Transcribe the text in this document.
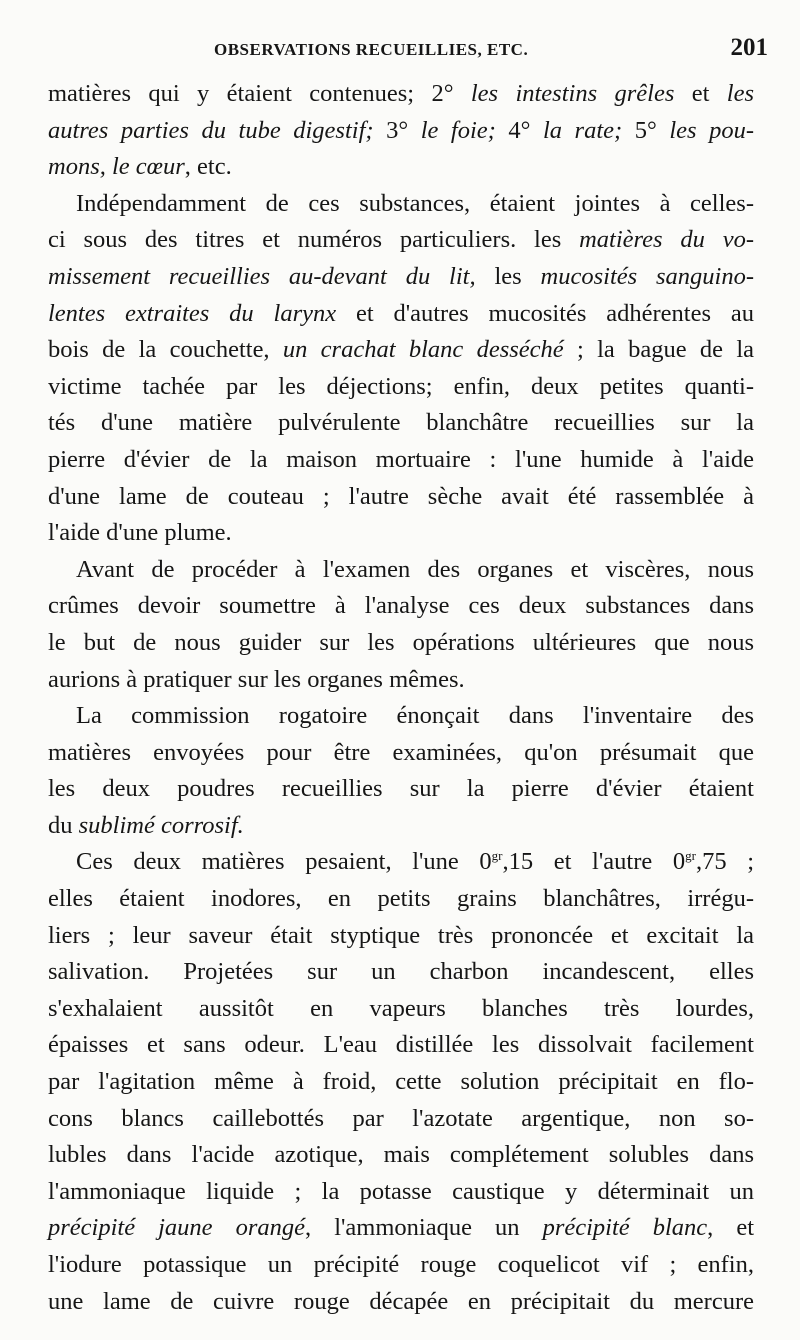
OBSERVATIONS RECUEILLIES, ETC.	201
matières qui y étaient contenues; 2° les intestins grêles et les
autres parties du tube digestif; 3° le foie; 4° la rate; 5° les pou-
mons, le cœur, etc.
Indépendamment de ces substances, étaient jointes à celles-
ci sous des titres et numéros particuliers. les matières du vo-
missement recueillies au-devant du lit, les mucosités sanguino-
lentes extraites du larynx et d'autres mucosités adhérentes au
bois de la couchette, un crachat blanc desséché ; la bague de la
victime tachée par les déjections; enfin, deux petites quanti-
tés d'une matière pulvérulente blanchâtre recueillies sur la
pierre d'évier de la maison mortuaire : l'une humide à l'aide
d'une lame de couteau ; l'autre sèche avait été rassemblée à
l'aide d'une plume.
Avant de procéder à l'examen des organes et viscères, nous
crûmes devoir soumettre à l'analyse ces deux substances dans
le but de nous guider sur les opérations ultérieures que nous
aurions à pratiquer sur les organes mêmes.
La commission rogatoire énonçait dans l'inventaire des
matières envoyées pour être examinées, qu'on présumait que
les deux poudres recueillies sur la pierre d'évier étaient
du sublimé corrosif.
Ces deux matières pesaient, l'une $0^{gr},15$ et l'autre $0^{gr},75$ ;
elles étaient inodores, en petits grains blanchâtres, irrégu-
liers ; leur saveur était styptique très prononcée et excitait la
salivation. Projetées sur un charbon incandescent, elles
s'exhalaient aussitôt en vapeurs blanches très lourdes,
épaisses et sans odeur. L'eau distillée les dissolvait facilement
par l'agitation même à froid, cette solution précipitait en flo-
cons blancs caillebottés par l'azotate argentique, non so-
lubles dans l'acide azotique, mais complétement solubles dans
l'ammoniaque liquide ; la potasse caustique y déterminait un
précipité jaune orangé, l'ammoniaque un précipité blanc, et
l'iodure potassique un précipité rouge coquelicot vif ; enfin,
une lame de cuivre rouge décapée en précipitait du mercure
